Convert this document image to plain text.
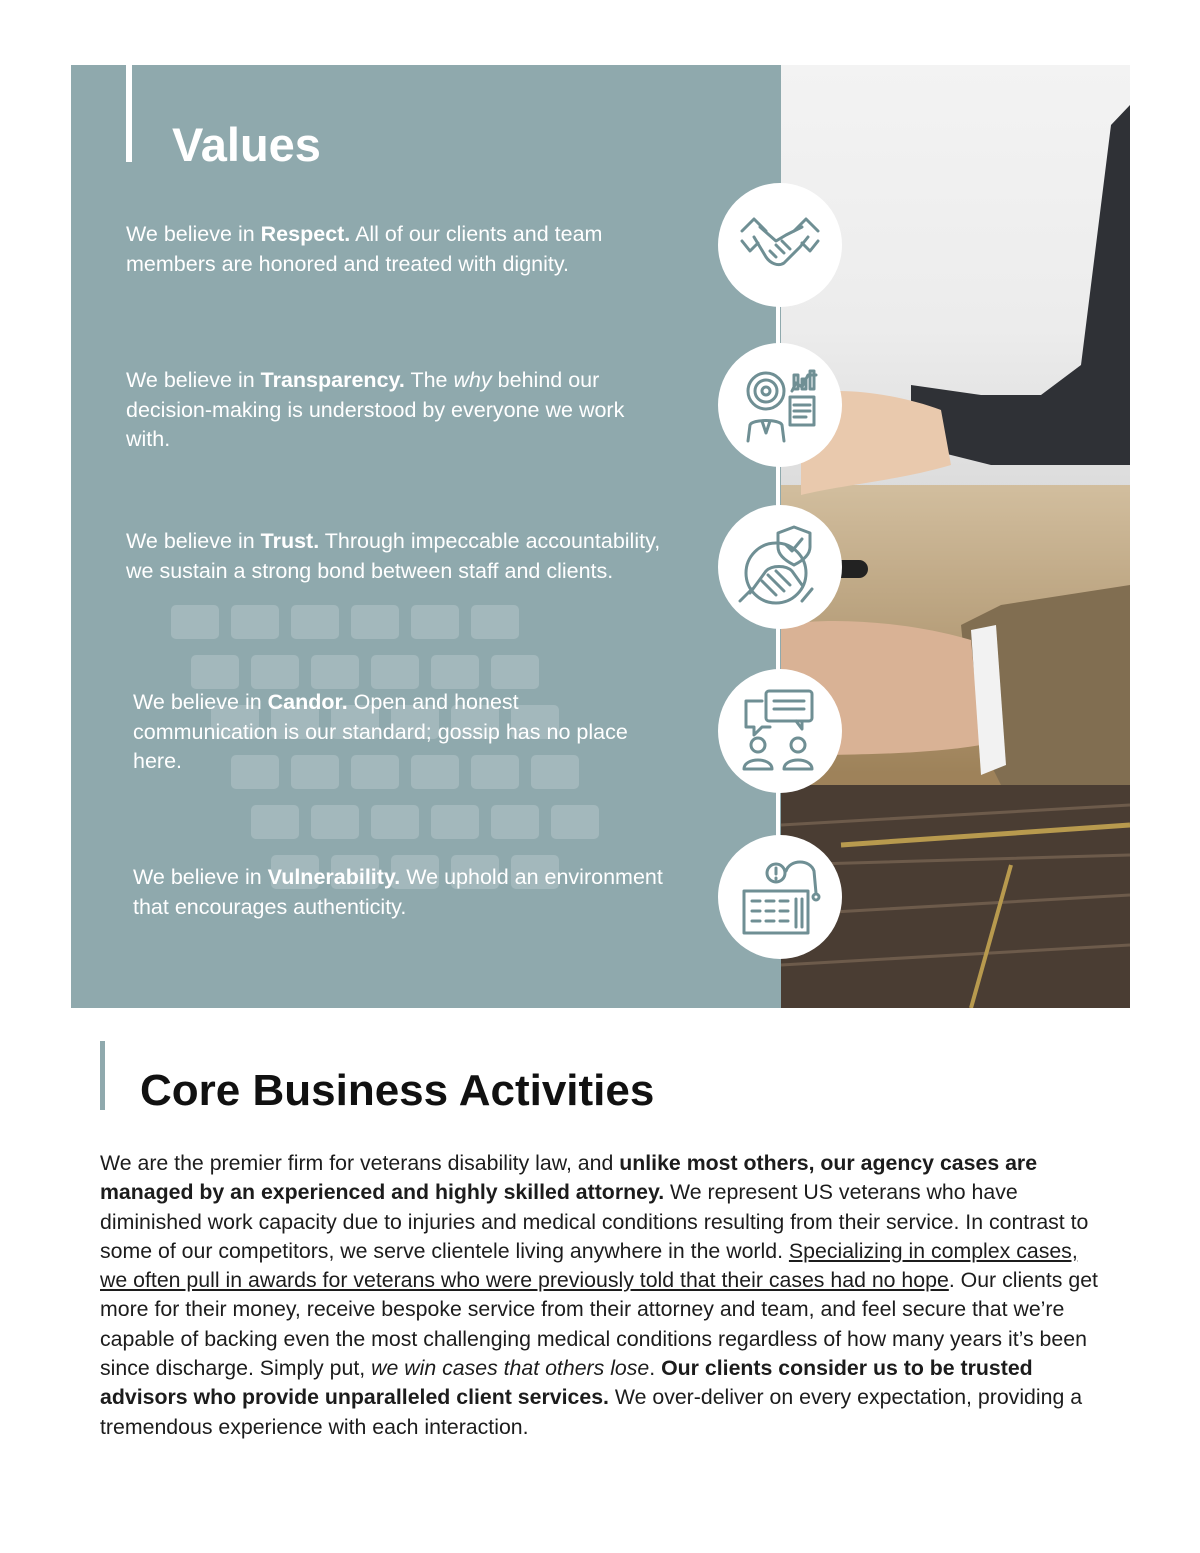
Values

We believe in Respect. All of our clients and team members are honored and treated with dignity.

We believe in Transparency. The why behind our decision-making is understood by everyone we work with.

We believe in Trust. Through impeccable accountability, we sustain a strong bond between staff and clients.

We believe in Candor. Open and honest communication is our standard; gossip has no place here.

We believe in Vulnerability. We uphold an environment that encourages authenticity.

Core Business Activities

We are the premier firm for veterans disability law, and unlike most others, our agency cases are managed by an experienced and highly skilled attorney. We represent US veterans who have diminished work capacity due to injuries and medical conditions resulting from their service. In contrast to some of our competitors, we serve clientele living anywhere in the world. Specializing in complex cases, we often pull in awards for veterans who were previously told that their cases had no hope. Our clients get more for their money, receive bespoke service from their attorney and team, and feel secure that we’re capable of backing even the most challenging medical conditions regardless of how many years it’s been since discharge. Simply put, we win cases that others lose. Our clients consider us to be trusted advisors who provide unparalleled client services. We over-deliver on every expectation, providing a tremendous experience with each interaction.
